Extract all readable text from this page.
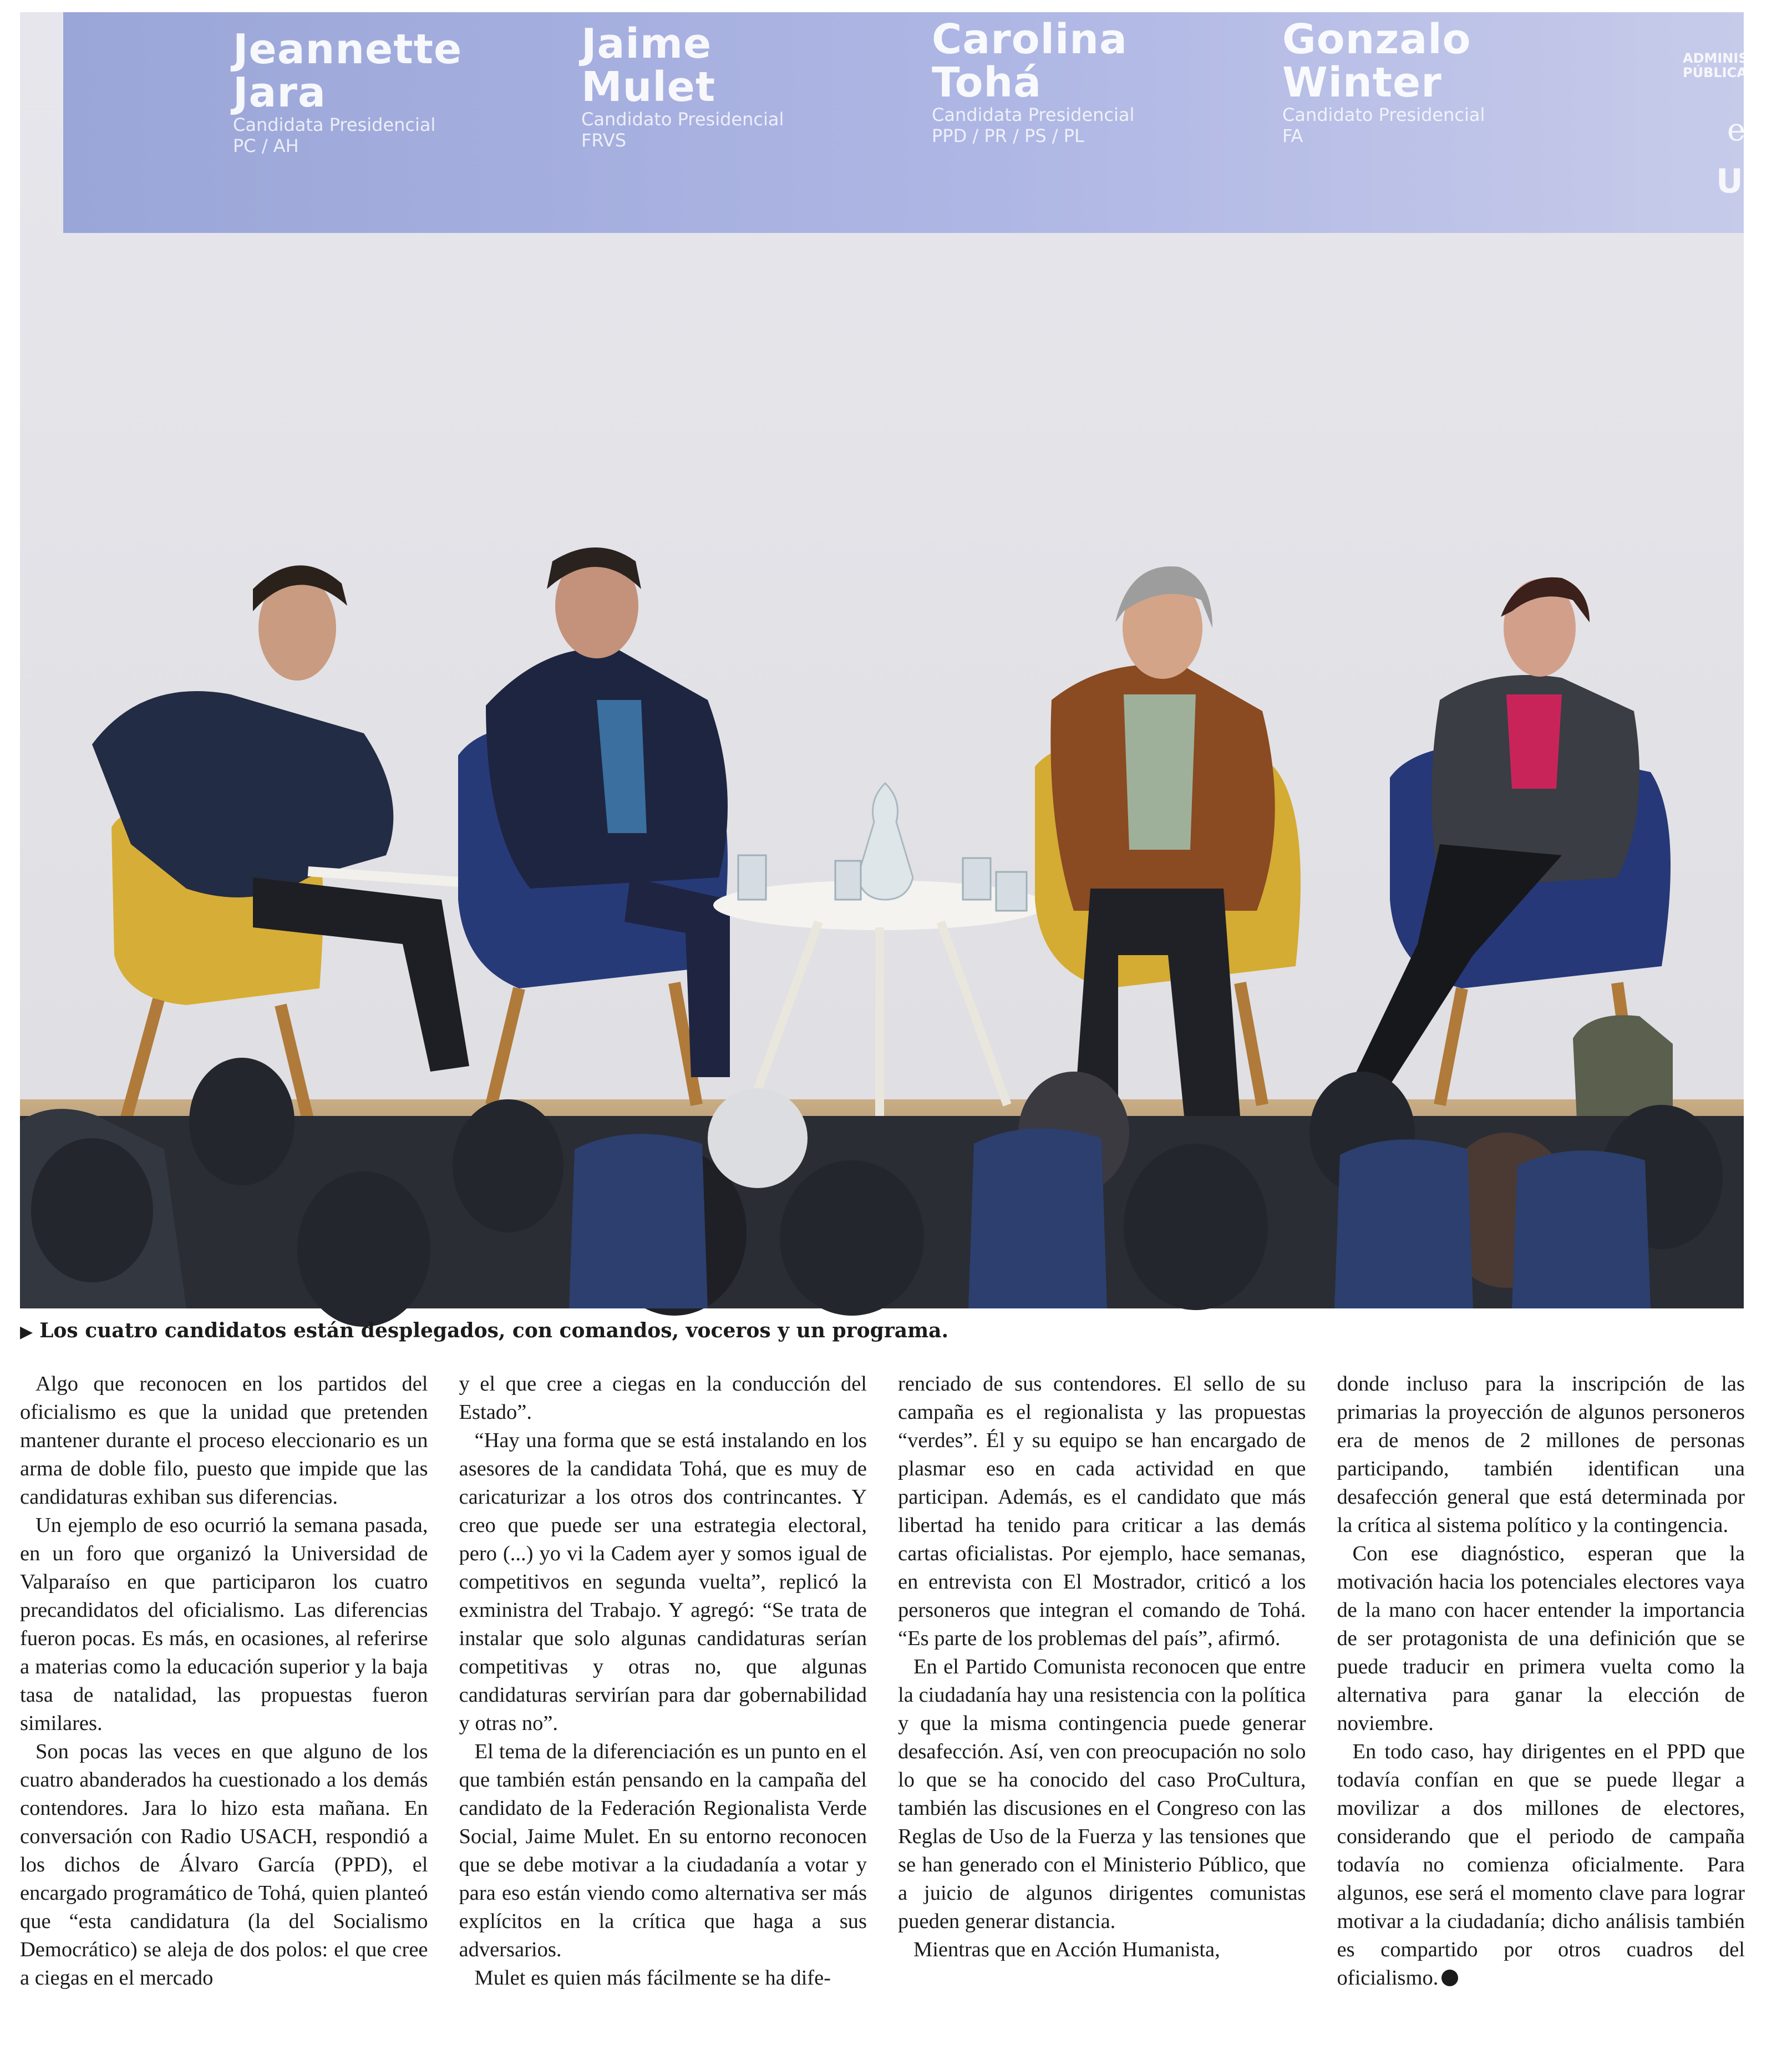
Jeannette
Jara
Candidata Presidencial
PC / AH
Jaime
Mulet
Candidato Presidencial
FRVS
Carolina
Tohá
Candidata Presidencial
PPD / PR / PS / PL
Gonzalo
Winter
Candidato Presidencial
FA
ADMINISTRA PÚBLICA
el
Ue
▶ Los cuatro candidatos están desplegados, con comandos, voceros y un programa.

Algo que reconocen en los partidos del oficialismo es que la unidad que pretenden mantener durante el proceso eleccionario es un arma de doble filo, puesto que impide que las candidaturas exhiban sus diferencias.

Un ejemplo de eso ocurrió la semana pasada, en un foro que organizó la Universidad de Valparaíso en que participaron los cuatro precandidatos del oficialismo. Las diferencias fueron pocas. Es más, en ocasiones, al referirse a materias como la educación superior y la baja tasa de natalidad, las propuestas fueron similares.

Son pocas las veces en que alguno de los cuatro abanderados ha cuestionado a los demás contendores. Jara lo hizo esta mañana. En conversación con Radio USACH, respondió a los dichos de Álvaro García (PPD), el encargado programático de Tohá, quien planteó que “esta candidatura (la del Socialismo Democrático) se aleja de dos polos: el que cree a ciegas en el mercado

y el que cree a ciegas en la conducción del Estado”.

“Hay una forma que se está instalando en los asesores de la candidata Tohá, que es muy de caricaturizar a los otros dos contrincantes. Y creo que puede ser una estrategia electoral, pero (...) yo vi la Cadem ayer y somos igual de competitivos en segunda vuelta”, replicó la exministra del Trabajo. Y agregó: “Se trata de instalar que solo algunas candidaturas serían competitivas y otras no, que algunas candidaturas servirían para dar gobernabilidad y otras no”.

El tema de la diferenciación es un punto en el que también están pensando en la campaña del candidato de la Federación Regionalista Verde Social, Jaime Mulet. En su entorno reconocen que se debe motivar a la ciudadanía a votar y para eso están viendo como alternativa ser más explícitos en la crítica que haga a sus adversarios.

Mulet es quien más fácilmente se ha dife-

renciado de sus contendores. El sello de su campaña es el regionalista y las propuestas “verdes”. Él y su equipo se han encargado de plasmar eso en cada actividad en que participan. Además, es el candidato que más libertad ha tenido para criticar a las demás cartas oficialistas. Por ejemplo, hace semanas, en entrevista con El Mostrador, criticó a los personeros que integran el comando de Tohá. “Es parte de los problemas del país”, afirmó.

En el Partido Comunista reconocen que entre la ciudadanía hay una resistencia con la política y que la misma contingencia puede generar desafección. Así, ven con preocupación no solo lo que se ha conocido del caso ProCultura, también las discusiones en el Congreso con las Reglas de Uso de la Fuerza y las tensiones que se han generado con el Ministerio Público, que a juicio de algunos dirigentes comunistas pueden generar distancia.

Mientras que en Acción Humanista,

donde incluso para la inscripción de las primarias la proyección de algunos personeros era de menos de 2 millones de personas participando, también identifican una desafección general que está determinada por la crítica al sistema político y la contingencia.

Con ese diagnóstico, esperan que la motivación hacia los potenciales electores vaya de la mano con hacer entender la importancia de ser protagonista de una definición que se puede traducir en primera vuelta como la alternativa para ganar la elección de noviembre.

En todo caso, hay dirigentes en el PPD que todavía confían en que se puede llegar a movilizar a dos millones de electores, considerando que el periodo de campaña todavía no comienza oficialmente. Para algunos, ese será el momento clave para lograr motivar a la ciudadanía; dicho análisis también es compartido por otros cuadros del oficialismo.
